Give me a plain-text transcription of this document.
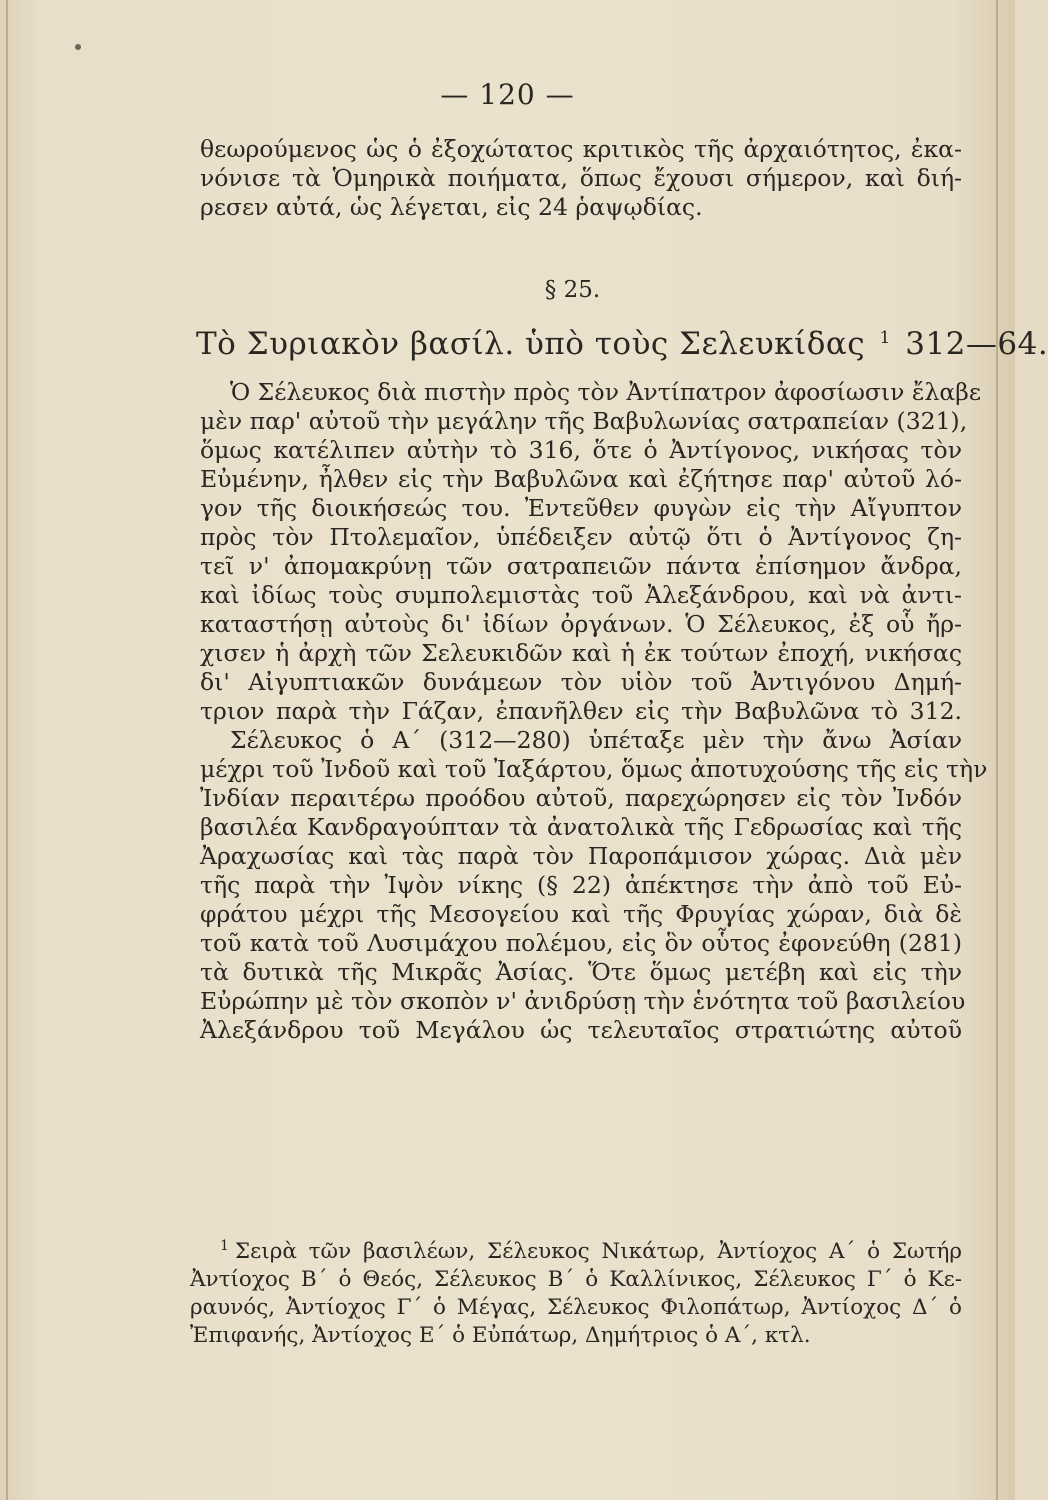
— 120 —
θεωρούμενος ὡς ὁ ἐξοχώτατος κριτικὸς τῆς ἀρχαιότητος, ἐκα-
νόνισε τὰ Ὁμηρικὰ ποιήματα, ὅπως ἔχουσι σήμερον, καὶ διή-
ρεσεν αὐτά, ὡς λέγεται, εἰς 24 ῥαψῳδίας.
§ 25.
Τὸ Συριακὸν βασίλ. ὑπὸ τοὺς Σελευκίδας $^1$ 312—64.
Ὁ Σέλευκος διὰ πιστὴν πρὸς τὸν Ἀντίπατρον ἀφοσίωσιν ἔλαβε
μὲν παρ' αὐτοῦ τὴν μεγάλην τῆς Βαβυλωνίας σατραπείαν (321),
ὅμως κατέλιπεν αὐτὴν τὸ 316, ὅτε ὁ Ἀντίγονος, νικήσας τὸν
Εὐμένην, ἦλθεν εἰς τὴν Βαβυλῶνα καὶ ἐζήτησε παρ' αὐτοῦ λό-
γον τῆς διοικήσεώς του. Ἐντεῦθεν φυγὼν εἰς τὴν Αἴγυπτον
πρὸς τὸν Πτολεμαῖον, ὑπέδειξεν αὐτῷ ὅτι ὁ Ἀντίγονος ζη-
τεῖ ν' ἀπομακρύνῃ τῶν σατραπειῶν πάντα ἐπίσημον ἄνδρα,
καὶ ἰδίως τοὺς συμπολεμιστὰς τοῦ Ἀλεξάνδρου, καὶ νὰ ἀντι-
καταστήσῃ αὐτοὺς δι' ἰδίων ὀργάνων. Ὁ Σέλευκος, ἐξ οὗ ἤρ-
χισεν ἡ ἀρχὴ τῶν Σελευκιδῶν καὶ ἡ ἐκ τούτων ἐποχή, νικήσας
δι' Αἰγυπτιακῶν δυνάμεων τὸν υἱὸν τοῦ Ἀντιγόνου Δημή-
τριον παρὰ τὴν Γάζαν, ἐπανῆλθεν εἰς τὴν Βαβυλῶνα τὸ 312.
Σέλευκος ὁ Α΄ (312—280) ὑπέταξε μὲν τὴν ἄνω Ἀσίαν
μέχρι τοῦ Ἰνδοῦ καὶ τοῦ Ἰαξάρτου, ὅμως ἀποτυχούσης τῆς εἰς τὴν
Ἰνδίαν περαιτέρω προόδου αὐτοῦ, παρεχώρησεν εἰς τὸν Ἰνδόν
βασιλέα Κανδραγούπταν τὰ ἀνατολικὰ τῆς Γεδρωσίας καὶ τῆς
Ἀραχωσίας καὶ τὰς παρὰ τὸν Παροπάμισον χώρας. Διὰ μὲν
τῆς παρὰ τὴν Ἰψὸν νίκης (§ 22) ἀπέκτησε τὴν ἀπὸ τοῦ Εὐ-
φράτου μέχρι τῆς Μεσογείου καὶ τῆς Φρυγίας χώραν, διὰ δὲ
τοῦ κατὰ τοῦ Λυσιμάχου πολέμου, εἰς ὃν οὗτος ἐφονεύθη (281)
τὰ δυτικὰ τῆς Μικρᾶς Ἀσίας. Ὅτε ὅμως μετέβη καὶ εἰς τὴν
Εὐρώπην μὲ τὸν σκοπὸν ν' ἀνιδρύσῃ τὴν ἑνότητα τοῦ βασιλείου
Ἀλεξάνδρου τοῦ Μεγάλου ὡς τελευταῖος στρατιώτης αὐτοῦ
$^1$ Σειρὰ τῶν βασιλέων, Σέλευκος Νικάτωρ, Ἀντίοχος Α΄ ὁ Σωτήρ
Ἀντίοχος Β΄ ὁ Θεός, Σέλευκος Β΄ ὁ Καλλίνικος, Σέλευκος Γ΄ ὁ Κε-
ραυνός, Ἀντίοχος Γ΄ ὁ Μέγας, Σέλευκος Φιλοπάτωρ, Ἀντίοχος Δ΄ ὁ
Ἐπιφανής, Ἀντίοχος Ε΄ ὁ Εὐπάτωρ, Δημήτριος ὁ Α΄, κτλ.
